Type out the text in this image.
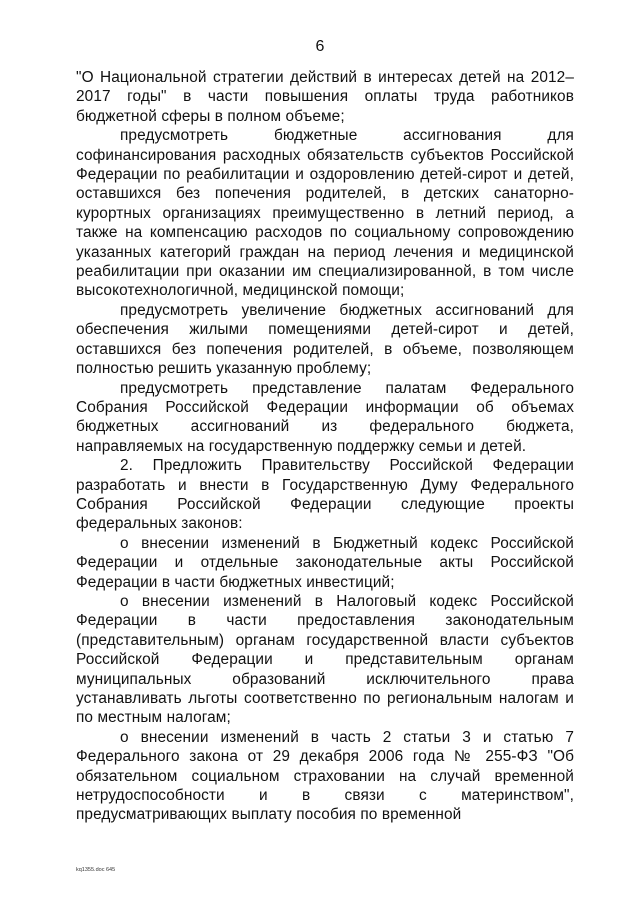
6

"О Национальной стратегии действий в интересах детей на 2012–2017 годы" в части повышения оплаты труда работников бюджетной сферы в полном объеме;

предусмотреть бюджетные ассигнования для софинансирования расходных обязательств субъектов Российской Федерации по реабилитации и оздоровлению детей-сирот и детей, оставшихся без попечения родителей, в детских санаторно-курортных организациях преимущественно в летний период, а также на компенсацию расходов по социальному сопровождению указанных категорий граждан на период лечения и медицинской реабилитации при оказании им специализированной, в том числе высокотехнологичной, медицинской помощи;

предусмотреть увеличение бюджетных ассигнований для обеспечения жилыми помещениями детей-сирот и детей, оставшихся без попечения родителей, в объеме, позволяющем полностью решить указанную проблему;

предусмотреть представление палатам Федерального Собрания Российской Федерации информации об объемах бюджетных ассигнований из федерального бюджета, направляемых на государственную поддержку семьи и детей.

2. Предложить Правительству Российской Федерации разработать и внести в Государственную Думу Федерального Собрания Российской Федерации следующие проекты федеральных законов:

о внесении изменений в Бюджетный кодекс Российской Федерации и отдельные законодательные акты Российской Федерации в части бюджетных инвестиций;

о внесении изменений в Налоговый кодекс Российской Федерации в части предоставления законодательным (представительным) органам государственной власти субъектов Российской Федерации и представительным органам муниципальных образований исключительного права устанавливать льготы соответственно по региональным налогам и по местным налогам;

о внесении изменений в часть 2 статьи 3 и статью 7 Федерального закона от 29 декабря 2006 года № 255-ФЗ "Об обязательном социальном страховании на случай временной нетрудоспособности и в связи с материнством", предусматривающих выплату пособия по временной

kq1355.doc 645
